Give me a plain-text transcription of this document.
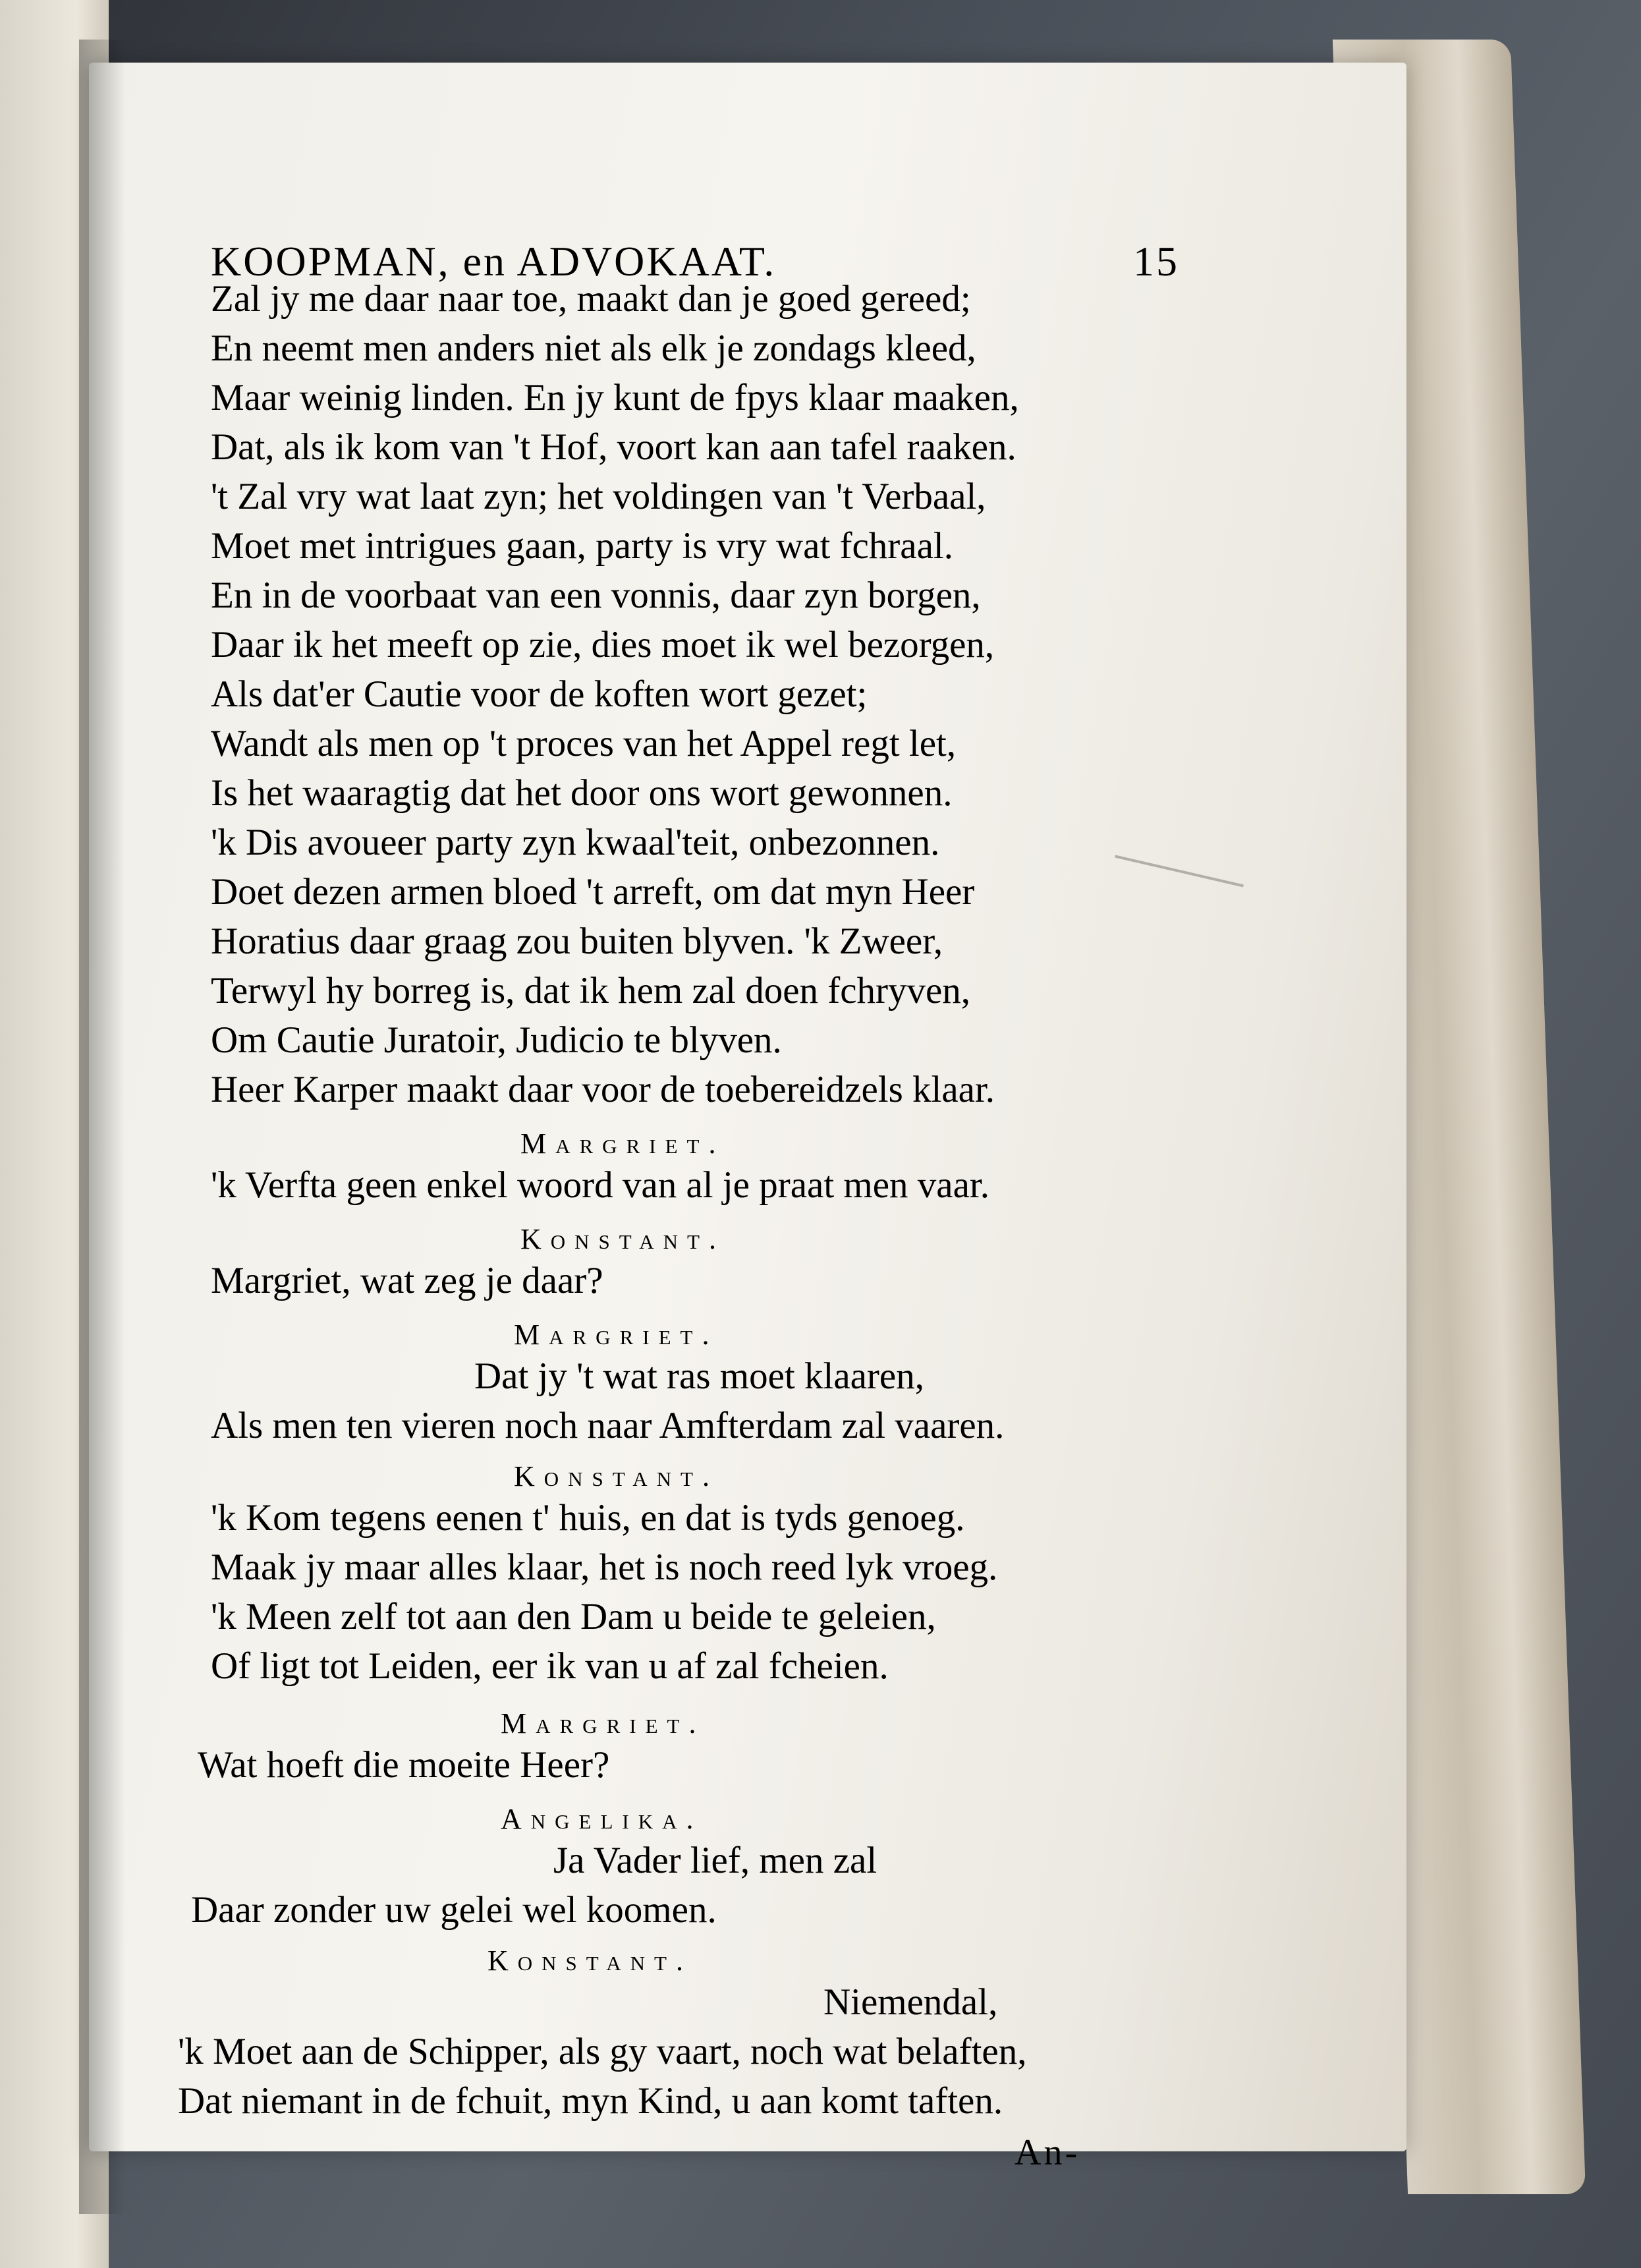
KOOPMAN, en ADVOKAAT.	15
Zal jy me daar naar toe, maakt dan je goed gereed;
En neemt men anders niet als elk je zondags kleed,
Maar weinig linden. En jy kunt de fpys klaar maaken,
Dat, als ik kom van 't Hof, voort kan aan tafel raaken.
't Zal vry wat laat zyn; het voldingen van 't Verbaal,
Moet met intrigues gaan, party is vry wat fchraal.
En in de voorbaat van een vonnis, daar zyn borgen,
Daar ik het meeft op zie, dies moet ik wel bezorgen,
Als dat'er Cautie voor de koften wort gezet;
Wandt als men op 't proces van het Appel regt let,
Is het waaragtig dat het door ons wort gewonnen.
'k Dis avoueer party zyn kwaal'teit, onbezonnen.
Doet dezen armen bloed 't arreft, om dat myn Heer
Horatius daar graag zou buiten blyven. 'k Zweer,
Terwyl hy borreg is, dat ik hem zal doen fchryven,
Om Cautie Juratoir, Judicio te blyven.
Heer Karper maakt daar voor de toebereidzels klaar.
Margriet.
'k Verfta geen enkel woord van al je praat men vaar.
Konstant.
Margriet, wat zeg je daar?
Margriet.
Dat jy 't wat ras moet klaaren,
Als men ten vieren noch naar Amfterdam zal vaaren.
Konstant.
'k Kom tegens eenen t' huis, en dat is tyds genoeg.
Maak jy maar alles klaar, het is noch reed lyk vroeg.
'k Meen zelf tot aan den Dam u beide te geleien,
Of ligt tot Leiden, eer ik van u af zal fcheien.
Margriet.
Wat hoeft die moeite Heer?
Angelika.
Ja Vader lief, men zal
Daar zonder uw gelei wel koomen.
Konstant.
Niemendal,
'k Moet aan de Schipper, als gy vaart, noch wat belaften,
Dat niemant in de fchuit, myn Kind, u aan komt taften.
An-
